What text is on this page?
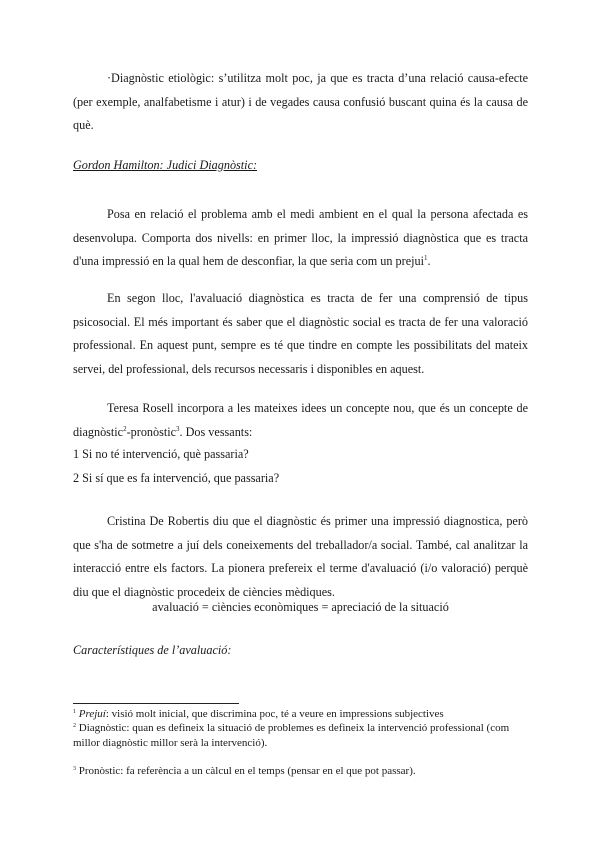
·Diagnòstic etiològic: s’utilitza molt poc, ja que es tracta d’una relació causa-efecte (per exemple, analfabetisme i atur) i de vegades causa confusió buscant quina és la causa de què.
Gordon Hamilton: Judici Diagnòstic:
Posa en relació el problema amb el medi ambient en el qual la persona afectada es desenvolupa. Comporta dos nivells: en primer lloc, la impressió diagnòstica que es tracta d'una impressió en la qual hem de desconfiar, la que seria com un prejui$^1$.
En segon lloc, l'avaluació diagnòstica es tracta de fer una comprensió de tipus psicosocial. El més important és saber que el diagnòstic social es tracta de fer una valoració professional. En aquest punt, sempre es té que tindre en compte les possibilitats del mateix servei, del professional, dels recursos necessaris i disponibles en aquest.
Teresa Rosell incorpora a les mateixes idees un concepte nou, que és un concepte de diagnòstic$^2$-pronòstic$^3$. Dos vessants:
1 Si no té intervenció, què passaria?
2 Si sí que es fa intervenció, que passaria?
Cristina De Robertis diu que el diagnòstic és primer una impressió diagnostica, però que s'ha de sotmetre a juí dels coneixements del treballador/a social. També, cal analitzar la interacció entre els factors. La pionera prefereix el terme d'avaluació (i/o valoració) perquè diu que el diagnòstic procedeix de ciències mèdiques.
avaluació = ciències econòmiques = apreciació de la situació
Característiques de l’avaluació:
$^1$ Prejuí: visió molt inicial, que discrimina poc, té a veure en impressions subjectives
$^2$ Diagnòstic: quan es defineix la situació de problemes es defineix la intervenció professional (com millor diagnòstic millor serà la intervenció).
$^3$ Pronòstic: fa referència a un càlcul en el temps (pensar en el que pot passar).
